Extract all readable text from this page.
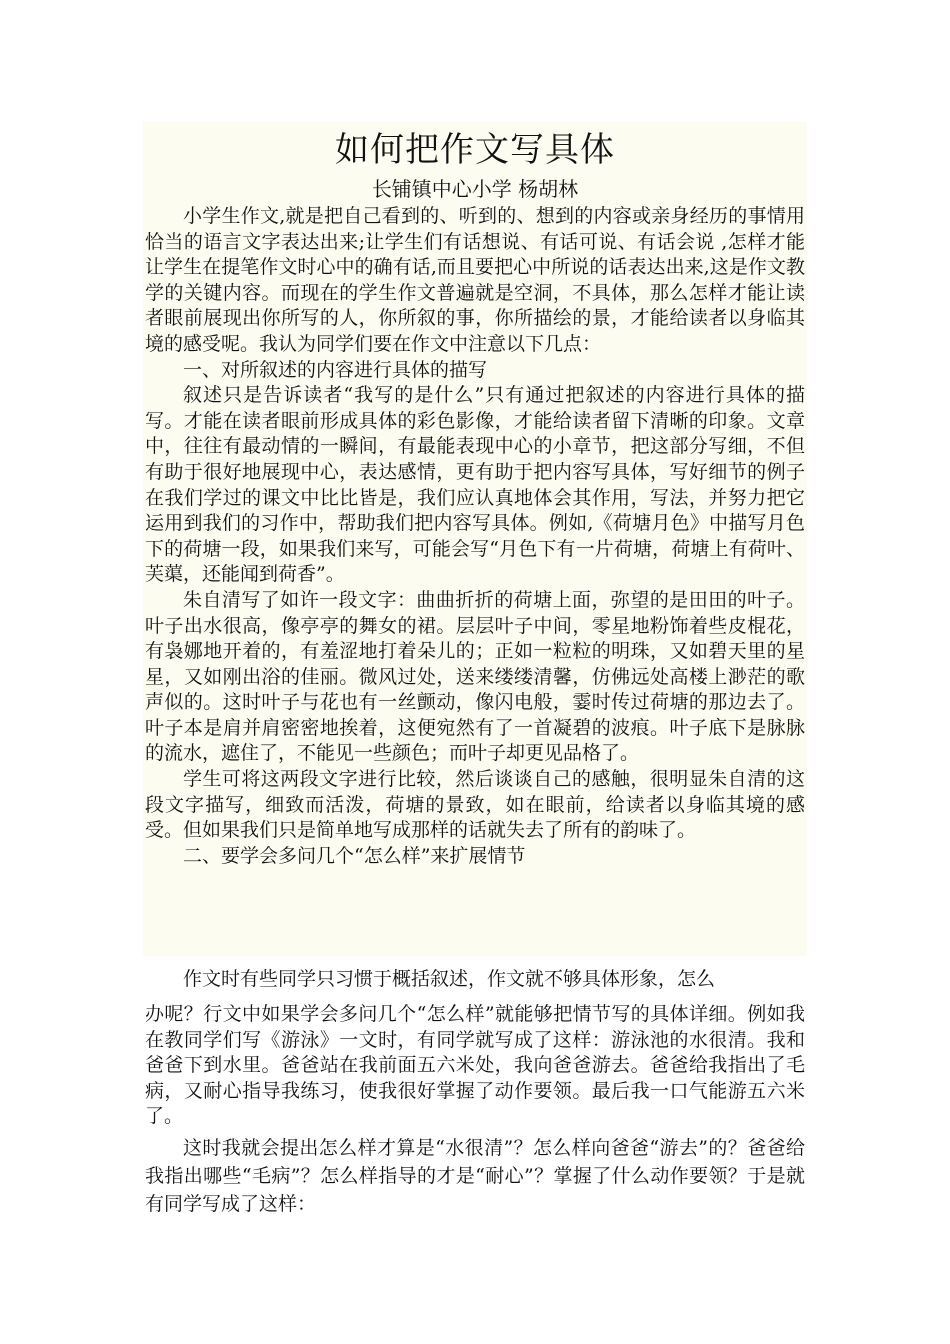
如何把作文写具体
长铺镇中心小学 杨胡林

小学生作文,就是把自己看到的、听到的、想到的内容或亲身经历的事情用恰当的语言文字表达出来;让学生们有话想说、有话可说、有话会说 ,怎样才能让学生在提笔作文时心中的确有话,而且要把心中所说的话表达出来,这是作文教学的关键内容。而现在的学生作文普遍就是空洞，不具体，那么怎样才能让读者眼前展现出你所写的人，你所叙的事，你所描绘的景，才能给读者以身临其境的感受呢。我认为同学们要在作文中注意以下几点：

一、对所叙述的内容进行具体的描写

叙述只是告诉读者“我写的是什么”只有通过把叙述的内容进行具体的描写。才能在读者眼前形成具体的彩色影像，才能给读者留下清晰的印象。文章中，往往有最动情的一瞬间，有最能表现中心的小章节，把这部分写细，不但有助于很好地展现中心，表达感情，更有助于把内容写具体，写好细节的例子在我们学过的课文中比比皆是，我们应认真地体会其作用，写法，并努力把它运用到我们的习作中，帮助我们把内容写具体。例如,《荷塘月色》中描写月色下的荷塘一段，如果我们来写，可能会写“月色下有一片荷塘，荷塘上有荷叶、芙蕖，还能闻到荷香”。

朱自清写了如许一段文字：曲曲折折的荷塘上面，弥望的是田田的叶子。叶子出水很高，像亭亭的舞女的裙。层层叶子中间，零星地粉饰着些皮棍花，有袅娜地开着的，有羞涩地打着朵儿的；正如一粒粒的明珠，又如碧天里的星星，又如刚出浴的佳丽。微风过处，送来缕缕清馨，仿佛远处高楼上渺茫的歌声似的。这时叶子与花也有一丝颤动，像闪电般，霎时传过荷塘的那边去了。叶子本是肩并肩密密地挨着，这便宛然有了一首凝碧的波痕。叶子底下是脉脉的流水，遮住了，不能见一些颜色；而叶子却更见品格了。

学生可将这两段文字进行比较，然后谈谈自己的感触，很明显朱自清的这段文字描写，细致而活泼，荷塘的景致，如在眼前，给读者以身临其境的感受。但如果我们只是简单地写成那样的话就失去了所有的韵味了。

二、要学会多问几个“怎么样”来扩展情节

作文时有些同学只习惯于概括叙述，作文就不够具体形象，怎么

办呢？行文中如果学会多问几个“怎么样”就能够把情节写的具体详细。例如我在教同学们写《游泳》一文时，有同学就写成了这样：游泳池的水很清。我和爸爸下到水里。爸爸站在我前面五六米处，我向爸爸游去。爸爸给我指出了毛病，又耐心指导我练习，使我很好掌握了动作要领。最后我一口气能游五六米了。

这时我就会提出怎么样才算是“水很清”？怎么样向爸爸“游去”的？爸爸给我指出哪些“毛病”？怎么样指导的才是“耐心”？掌握了什么动作要领？于是就有同学写成了这样：
